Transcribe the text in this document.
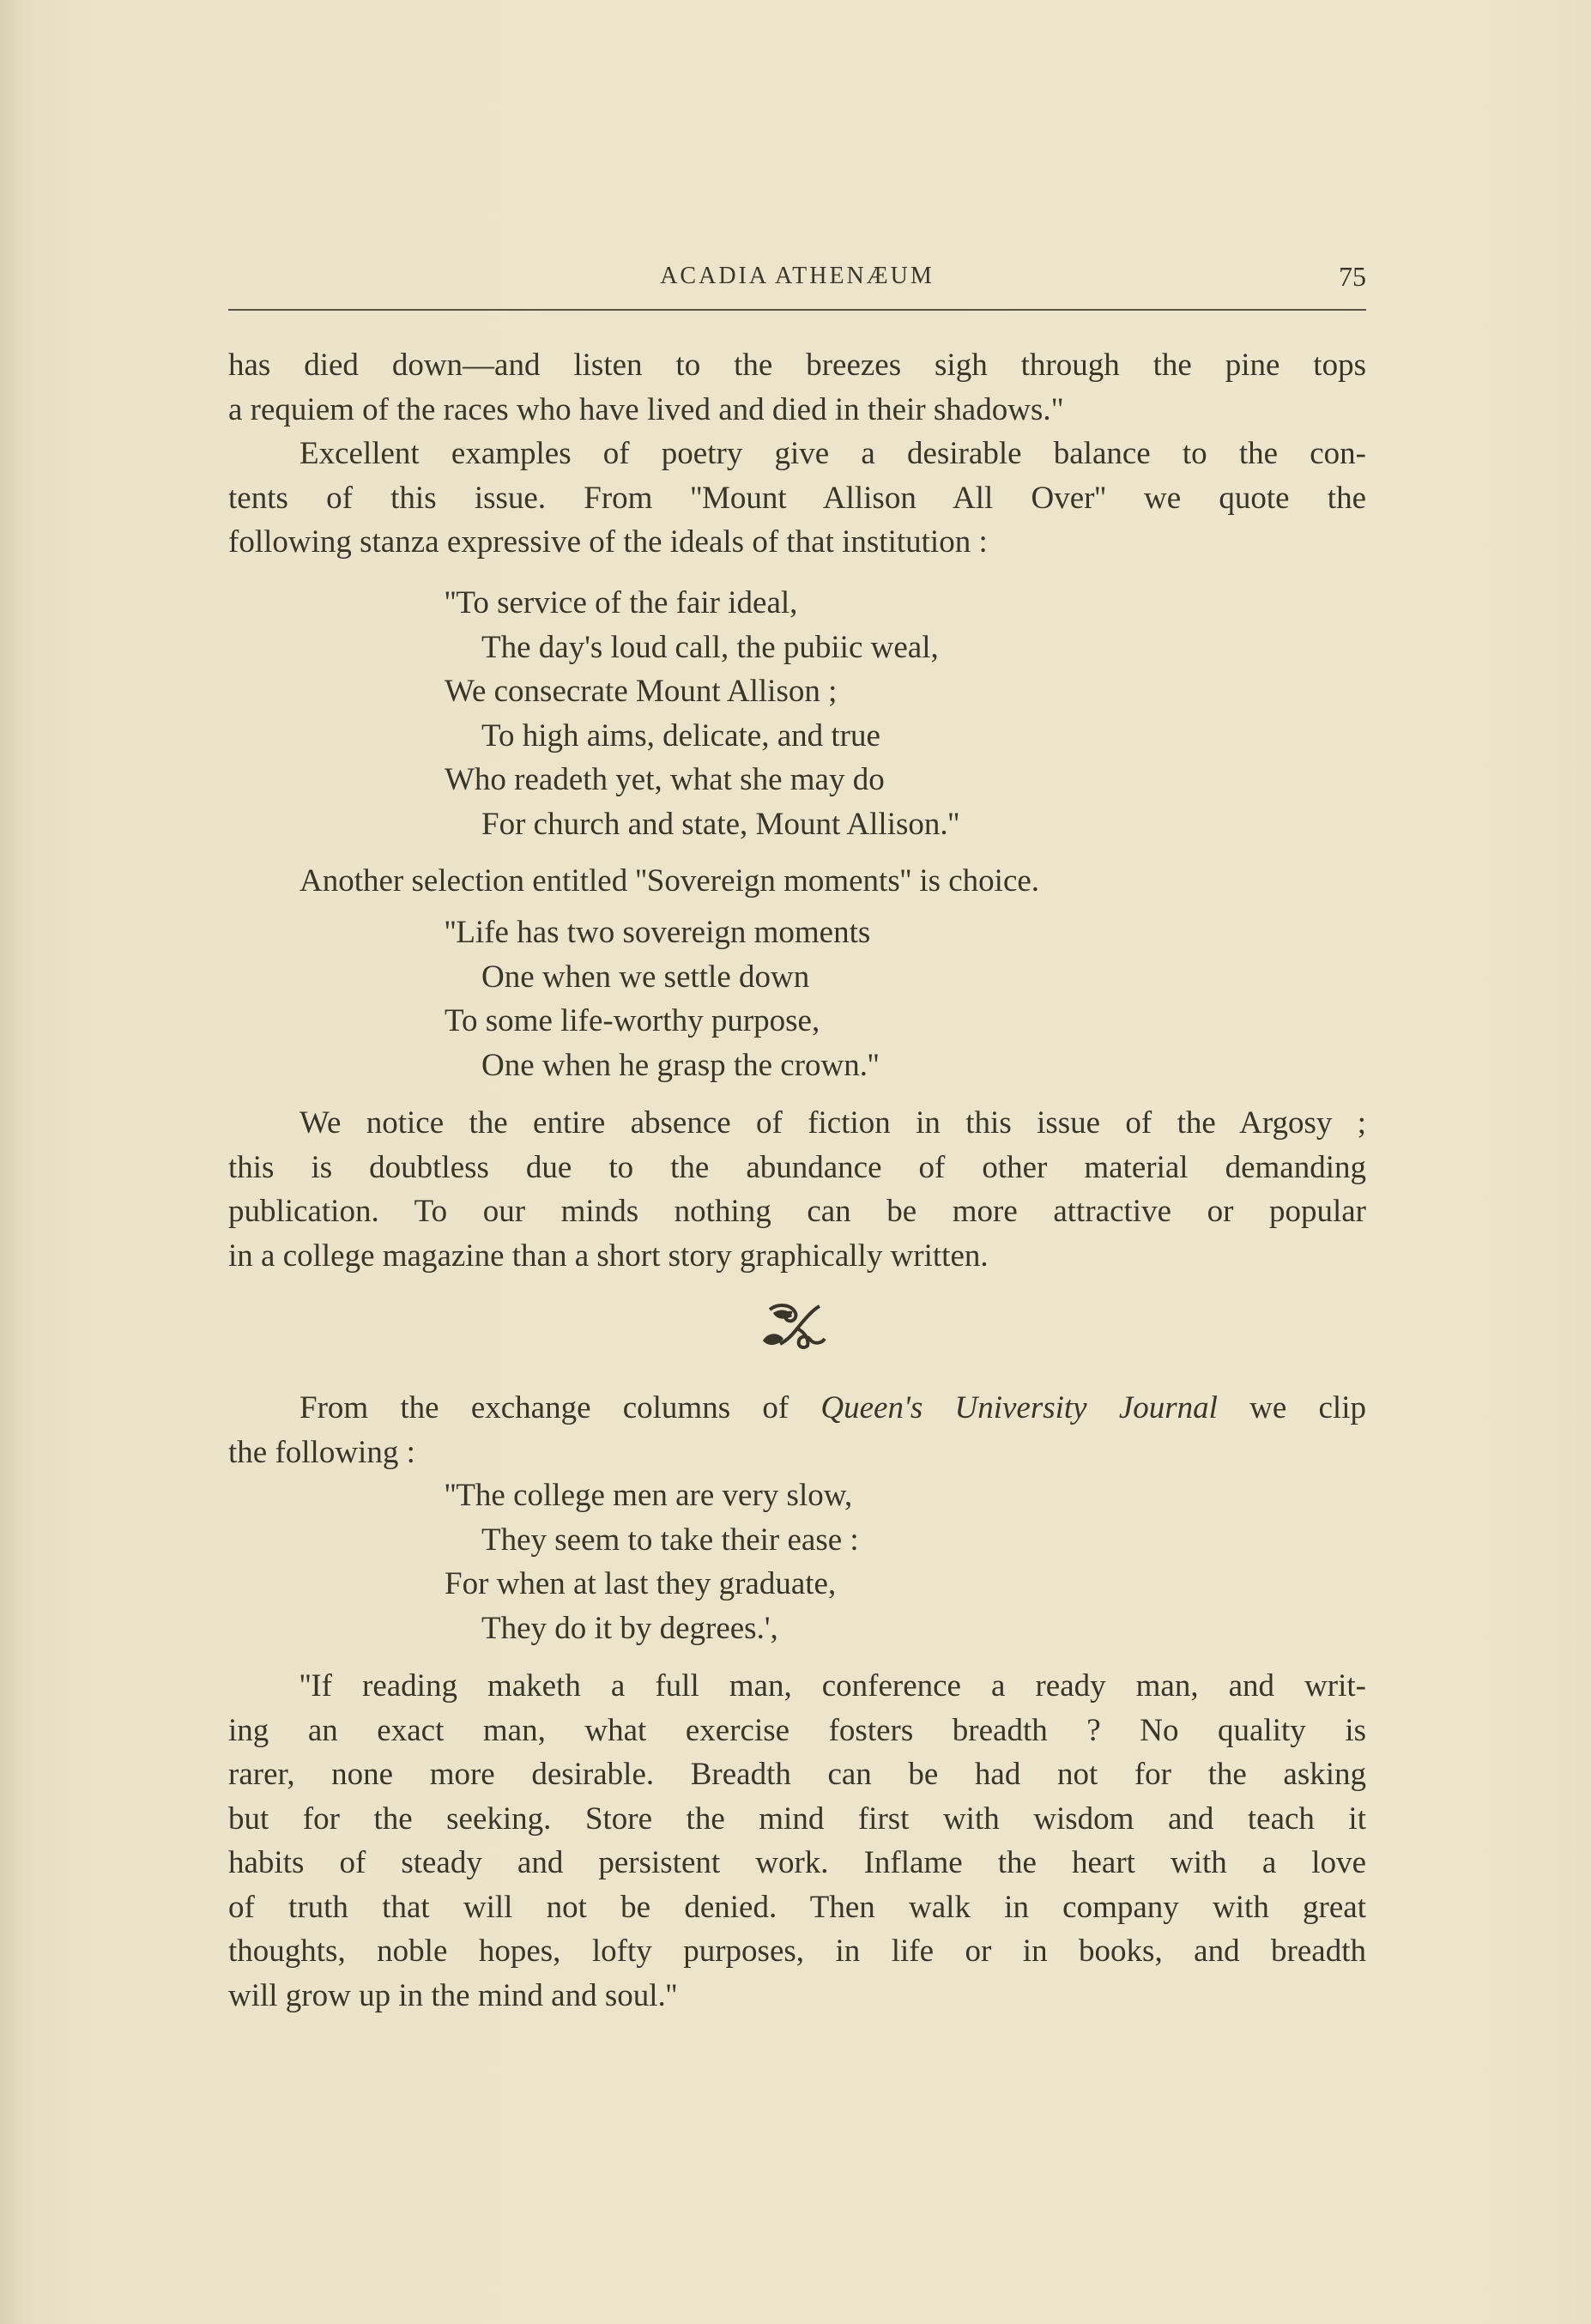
ACADIA ATHENÆUM	75
has died down—and listen to the breezes sigh through the pine tops
a requiem of the races who have lived and died in their shadows."
Excellent examples of poetry give a desirable balance to the con-
tents of this issue. From ''Mount Allison All Over'' we quote the
following stanza expressive of the ideals of that institution :
''To service of the fair ideal,
The day's loud call, the pubiic weal,
We consecrate Mount Allison ;
To high aims, delicate, and true
Who readeth yet, what she may do
For church and state, Mount Allison.''
Another selection entitled ''Sovereign moments'' is choice.
''Life has two sovereign moments
One when we settle down
To some life-worthy purpose,
One when he grasp the crown.''
We notice the entire absence of fiction in this issue of the Argosy ;
this is doubtless due to the abundance of other material demanding
publication. To our minds nothing can be more attractive or popular
in a college magazine than a short story graphically written.
From the exchange columns of Queen's University Journal we clip
the following :
''The college men are very slow,
They seem to take their ease :
For when at last they graduate,
They do it by degrees.',
''If reading maketh a full man, conference a ready man, and writ-
ing an exact man, what exercise fosters breadth ? No quality is
rarer, none more desirable. Breadth can be had not for the asking
but for the seeking. Store the mind first with wisdom and teach it
habits of steady and persistent work. Inflame the heart with a love
of truth that will not be denied. Then walk in company with great
thoughts, noble hopes, lofty purposes, in life or in books, and breadth
will grow up in the mind and soul.''
